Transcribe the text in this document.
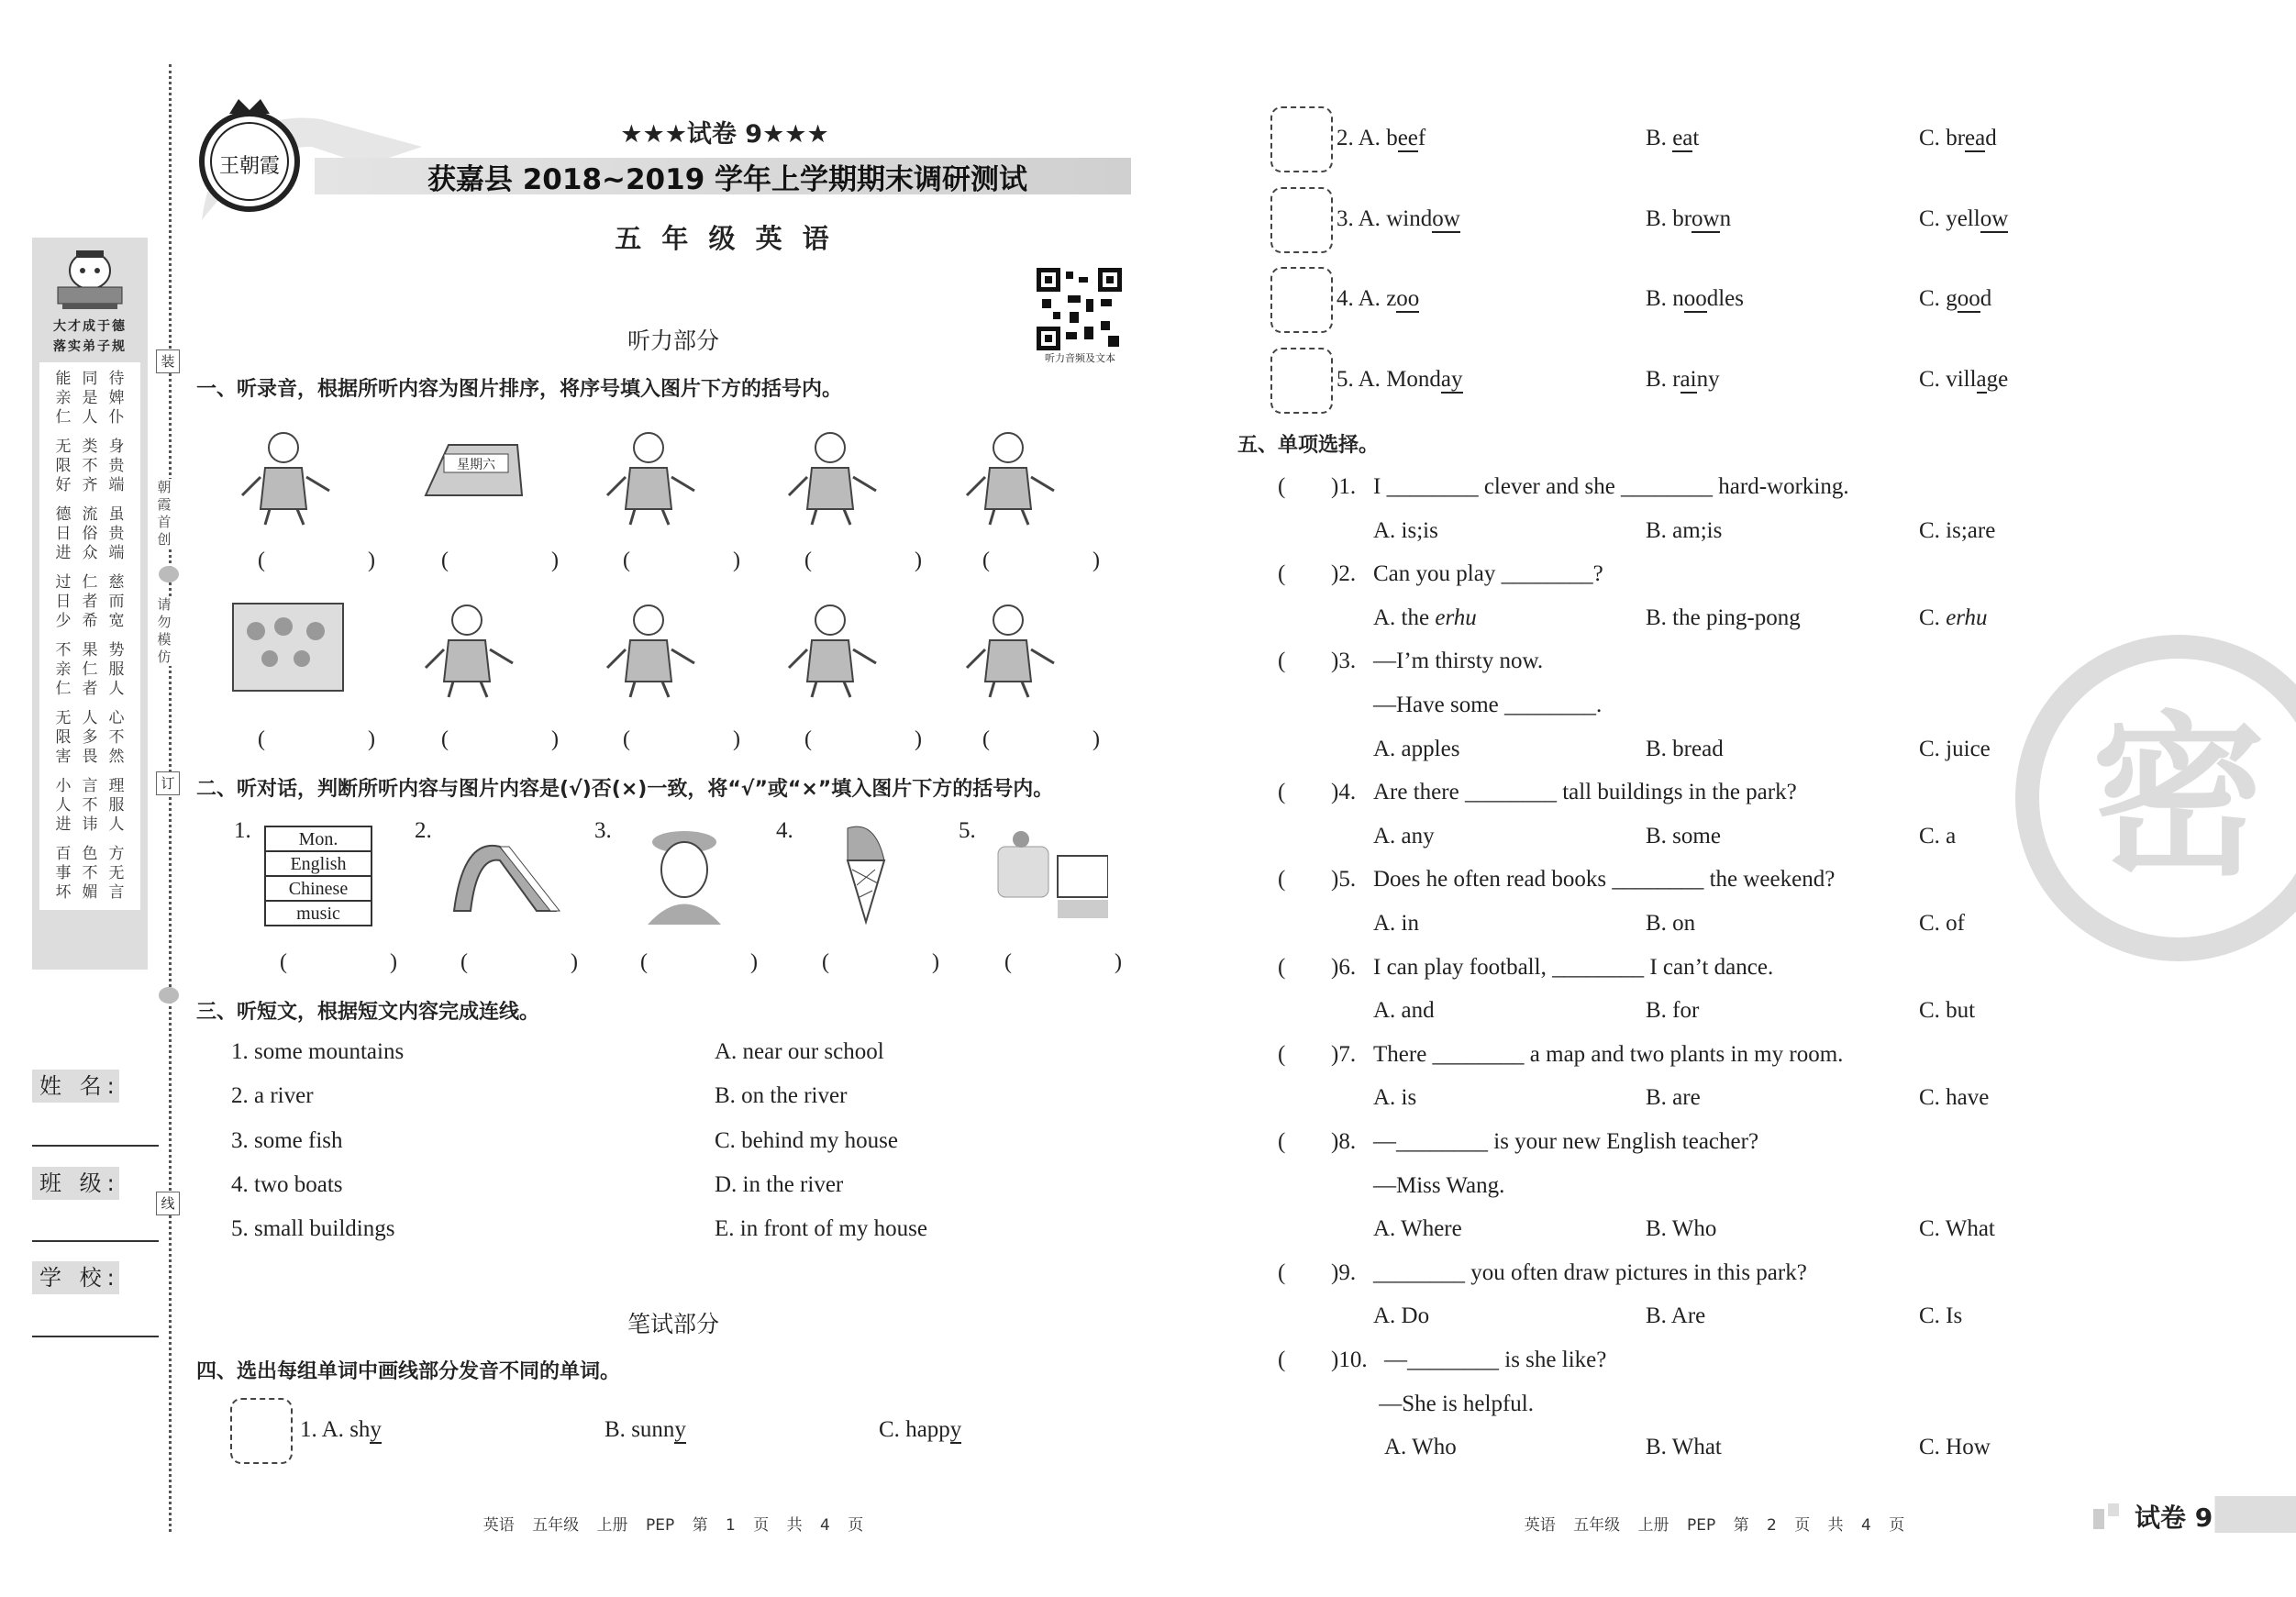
装
朝霞首创
请勿模仿
订
线
大才成于德
落实弟子规
能同待
亲是婢
仁人仆
无类身
限不贵
好齐端
德流虽
日俗贵
进众端
过仁慈
日者而
少希宽
不果势
亲仁服
仁者人
无人心
限多不
害畏然
小言理
人不服
进讳人
百色方
事不无
坏媚言
姓 名:
班 级:
学 校:
王朝霞
★★★试卷 9★★★
获嘉县 2018~2019 学年上学期期末调研测试
五 年 级 英 语
听力音频及文本
听力部分
一、听录音，根据所听内容为图片排序，将序号填入图片下方的括号内。
(    )
星期六
(    )	(    )	(    )	(    )
(    )	(    )	(    )	(    )	(    )
二、听对话，判断所听内容与图片内容是(√)否(×)一致，将“√”或“×”填入图片下方的括号内。
1.	Mon.
English
Chinese
music
(    )
2.
(    )
3.
(    )
4.
(    )
5.
(    )
三、听短文，根据短文内容完成连线。
1. some mountains	A. near our school
2. a river	B. on the river
3. some fish	C. behind my house
4. two boats	D. in the river
5. small buildings	E. in front of my house
笔试部分
四、选出每组单词中画线部分发音不同的单词。
1. A. shy	B. sunny	C. happy
2. A. beef	B. eat	C. bread
3. A. window	B. brown	C. yellow
4. A. zoo	B. noodles	C. good
5. A. Monday	B. rainy	C. village
英语 五年级 上册 PEP 第 1 页 共 4 页
密
五、单项选择。
( )1. I ________ clever and she ________ hard-working.
A. is;is	B. am;is	C. is;are
( )2. Can you play ________?
A. the erhu	B. the ping-pong	C. erhu
( )3. —I’m thirsty now.
—Have some ________.
A. apples	B. bread	C. juice
( )4. Are there ________ tall buildings in the park?
A. any	B. some	C. a
( )5. Does he often read books ________ the weekend?
A. in	B. on	C. of
( )6. I can play football, ________ I can’t dance.
A. and	B. for	C. but
( )7. There ________ a map and two plants in my room.
A. is	B. are	C. have
( )8. —________ is your new English teacher?
—Miss Wang.
A. Where	B. Who	C. What
( )9. ________ you often draw pictures in this park?
A. Do	B. Are	C. Is
( )10. —________ is she like?
—She is helpful.
A. Who	B. What	C. How
英语 五年级 上册 PEP 第 2 页 共 4 页	试卷 9
